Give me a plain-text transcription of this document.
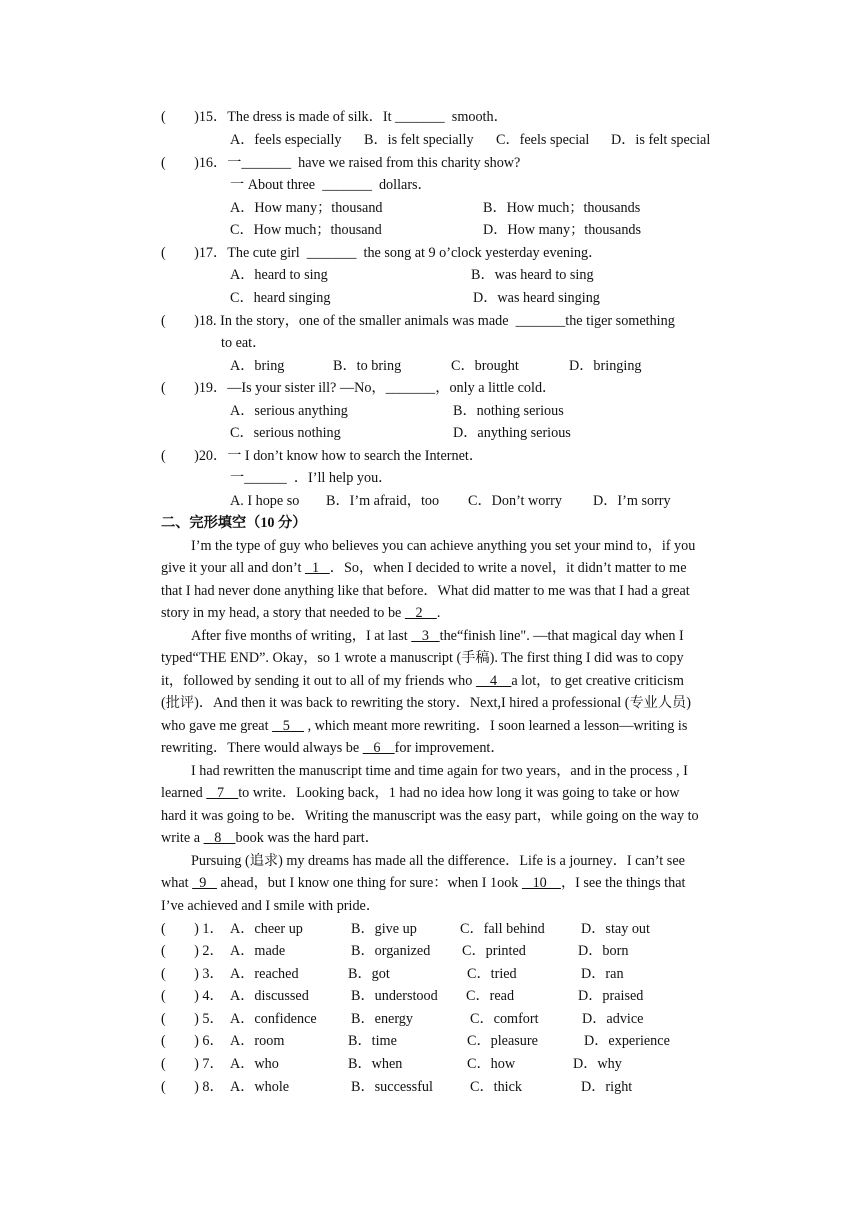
(        )15．The dress is made of silk．It _______  smooth．
A．feels especially B．is felt specially C．feels special D．is felt special
(        )16．一_______  have we raised from this charity show?
一 About three  _______  dollars．
A．How many；thousand	B．How much；thousands
C．How much；thousand	D．How many；thousands
(        )17．The cute girl  _______  the song at 9 o’clock yesterday evening．
A．heard to sing	B．was heard to sing
C．heard singing	D．was heard singing
(        )18. In the story，one of the smaller animals was made  _______the tiger something
to eat．
A．bring	B．to bring	C．brought	D．bringing
(        )19．—Is your sister ill? —No，_______，only a little cold．
A．serious anything	B．nothing serious
C．serious nothing	D．anything serious
(        )20．一 I don’t know how to search the Internet．
一______  ．I’ll help you．
A. I hope so B．I’m afraid，too C．Don’t worry D．I’m sorry
二、完形填空（10 分）
I’m the type of guy who believes you can achieve anything you set your mind to，if you
give it your all and don’t   1   ．So，when I decided to write a novel，it didn’t matter to me
that I had never done anything like that before．What did matter to me was that I had a great
story in my head, a story that needed to be    2    .
After five months of writing，I at last    3   the“finish line". —that magical day when I
typed“THE END”. Okay，so 1 wrote a manuscript (手稿). The first thing I did was to copy
it，followed by sending it out to all of my friends who     4    a lot，to get creative criticism
(批评)．And then it was back to rewriting the story．Next,I hired a professional (专业人员)
who gave me great    5     , which meant more rewriting．I soon learned a lesson—writing is
rewriting．There would always be    6    for improvement．
I had rewritten the manuscript time and time again for two years，and in the process , I
learned    7    to write．Looking back，1 had no idea how long it was going to take or how
hard it was going to be．Writing the manuscript was the easy part，while going on the way to
write a    8    book was the hard part．
Pursuing (追求) my dreams has made all the difference．Life is a journey．I can’t see
what   9    ahead，but I know one thing for sure：when I 1ook    10    ，I see the things that
I’ve achieved and I smile with pride．
(        ) 1． A．cheer up	B．give up	C．fall behind	D．stay out
(        ) 2． A．made	B．organized C．printed	D．born
(        ) 3． A．reached	B．got	C．tried	D．ran
(        ) 4． A．discussed	B．understood C．read	D．praised
(        ) 5． A．confidence B．energy	C．comfort	D．advice
(        ) 6． A．room	B．time	C．pleasure	D．experience
(        ) 7． A．who	B．when	C．how	D．why
(        ) 8． A．whole	B．successful	C．thick	D．right
